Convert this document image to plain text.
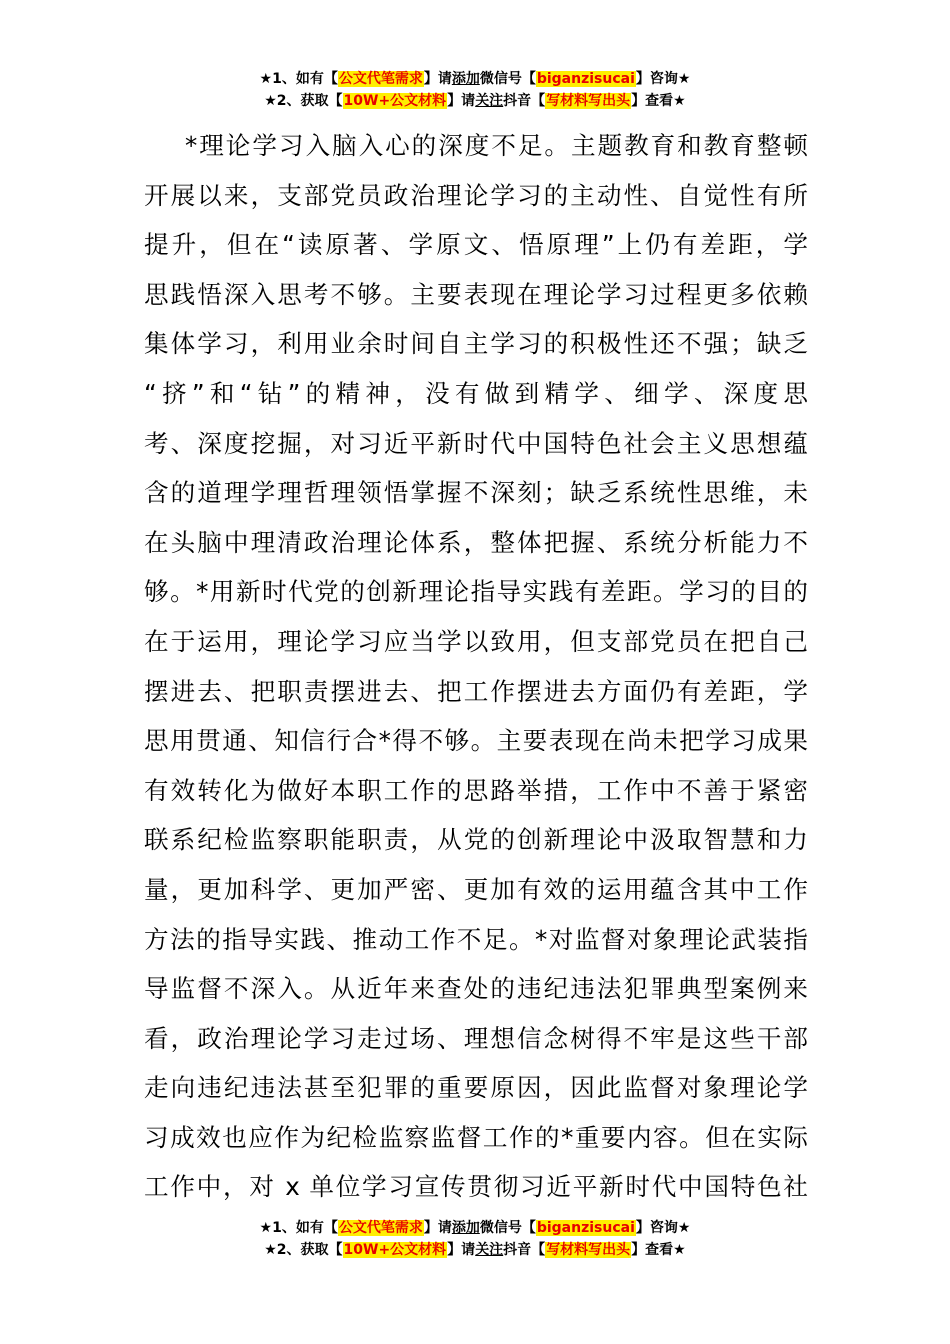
★1、如有【公文代笔需求】请添加微信号【biganzisucai】咨询★
★2、获取【10W+公文材料】请关注抖音【写材料写出头】查看★
*理论学习入脑入心的深度不足。主题教育和教育整顿
开展以来，支部党员政治理论学习的主动性、自觉性有所
提升，但在“读原著、学原文、悟原理”上仍有差距，学
思践悟深入思考不够。主要表现在理论学习过程更多依赖
集体学习，利用业余时间自主学习的积极性还不强；缺乏
“挤”和“钻”的精神，没有做到精学、细学、深度思
考、深度挖掘，对习近平新时代中国特色社会主义思想蕴
含的道理学理哲理领悟掌握不深刻；缺乏系统性思维，未
在头脑中理清政治理论体系，整体把握、系统分析能力不
够。*用新时代党的创新理论指导实践有差距。学习的目的
在于运用，理论学习应当学以致用，但支部党员在把自己
摆进去、把职责摆进去、把工作摆进去方面仍有差距，学
思用贯通、知信行合*得不够。主要表现在尚未把学习成果
有效转化为做好本职工作的思路举措，工作中不善于紧密
联系纪检监察职能职责，从党的创新理论中汲取智慧和力
量，更加科学、更加严密、更加有效的运用蕴含其中工作
方法的指导实践、推动工作不足。*对监督对象理论武装指
导监督不深入。从近年来查处的违纪违法犯罪典型案例来
看，政治理论学习走过场、理想信念树得不牢是这些干部
走向违纪违法甚至犯罪的重要原因，因此监督对象理论学
习成效也应作为纪检监察监督工作的*重要内容。但在实际
工作中，对 x 单位学习宣传贯彻习近平新时代中国特色社
★1、如有【公文代笔需求】请添加微信号【biganzisucai】咨询★
★2、获取【10W+公文材料】请关注抖音【写材料写出头】查看★
